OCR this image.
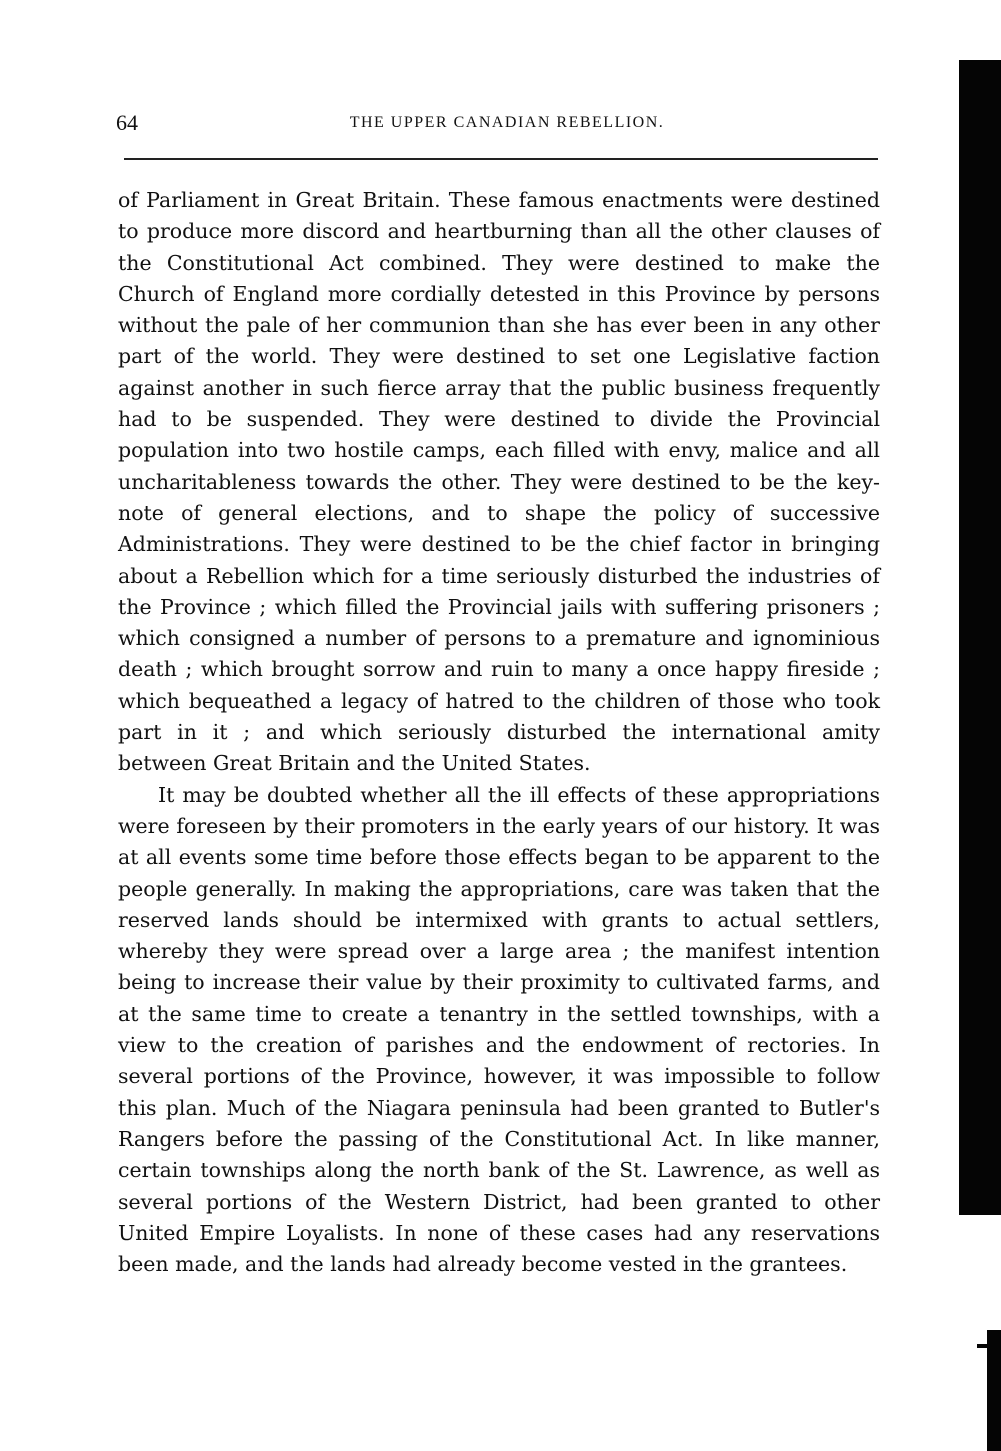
64	THE UPPER CANADIAN REBELLION.

of Parliament in Great Britain. These famous enactments were destined to produce more discord and heartburning than all the other clauses of the Constitutional Act combined. They were destined to make the Church of England more cordially detested in this Province by persons without the pale of her communion than she has ever been in any other part of the world. They were destined to set one Legislative faction against another in such fierce array that the public business frequently had to be suspended. They were destined to divide the Provincial population into two hostile camps, each filled with envy, malice and all uncharitableness towards the other. They were destined to be the key-note of general elections, and to shape the policy of successive Administrations. They were destined to be the chief factor in bringing about a Rebellion which for a time seriously disturbed the industries of the Province ; which filled the Provincial jails with suffering prisoners ; which consigned a number of persons to a premature and ignominious death ; which brought sorrow and ruin to many a once happy fireside ; which bequeathed a legacy of hatred to the children of those who took part in it ; and which seriously disturbed the international amity between Great Britain and the United States.

It may be doubted whether all the ill effects of these appropriations were foreseen by their promoters in the early years of our history. It was at all events some time before those effects began to be apparent to the people generally. In making the appropriations, care was taken that the reserved lands should be intermixed with grants to actual settlers, whereby they were spread over a large area ; the manifest intention being to increase their value by their proximity to cultivated farms, and at the same time to create a tenantry in the settled townships, with a view to the creation of parishes and the endowment of rectories. In several portions of the Province, however, it was impossible to follow this plan. Much of the Niagara peninsula had been granted to Butler's Rangers before the passing of the Constitutional Act. In like manner, certain townships along the north bank of the St. Lawrence, as well as several portions of the Western District, had been granted to other United Empire Loyalists. In none of these cases had any reservations been made, and the lands had already become vested in the grantees.
